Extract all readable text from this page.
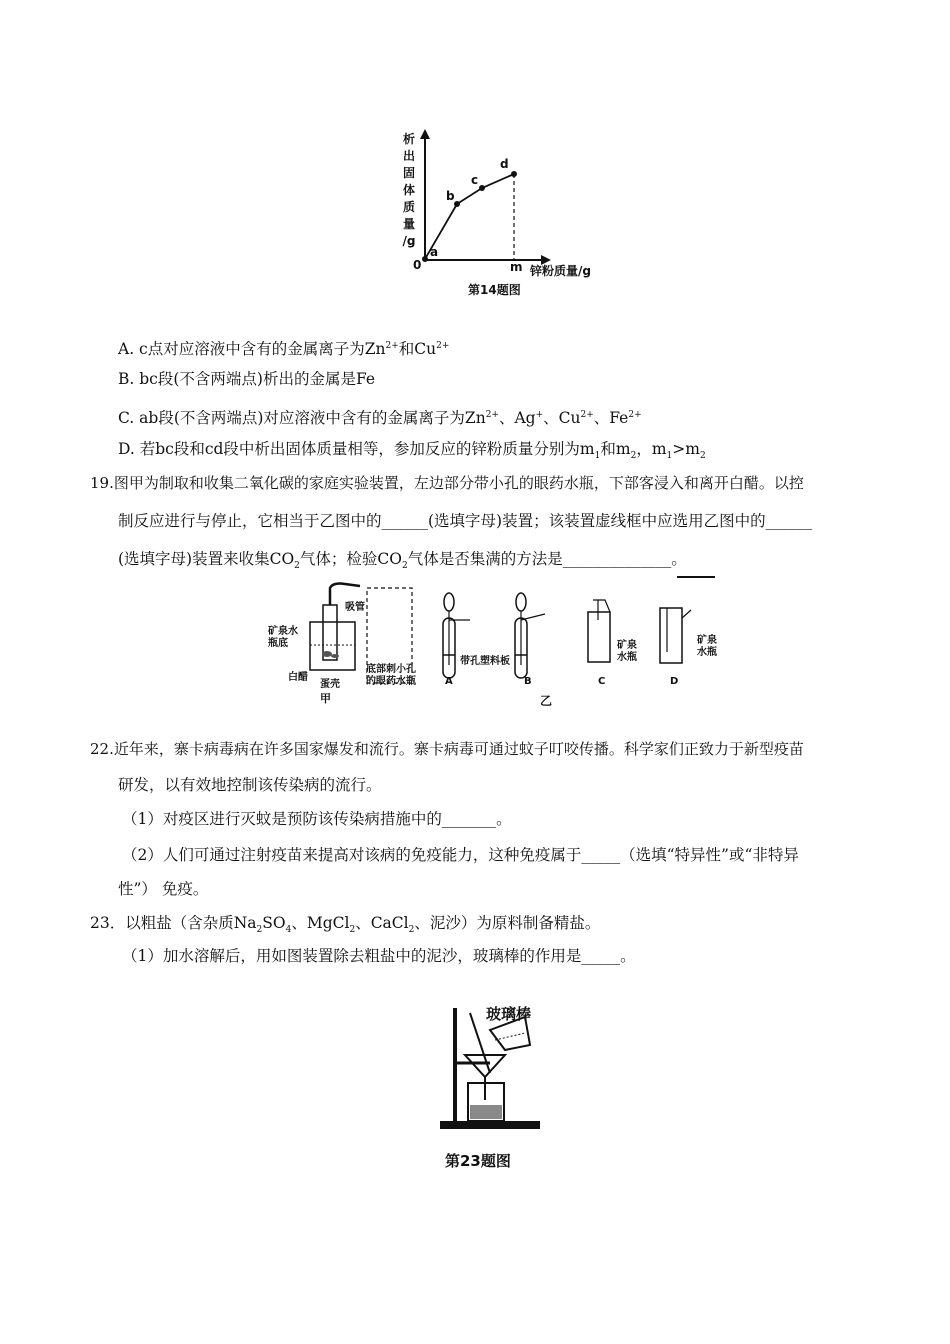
析
出
固
体
质
量
/g
0
a
b
c
d
m 锌粉质量/g
第14题图
A. c点对应溶液中含有的金属离子为$Zn^{2+}$和$Cu^{2+}$
B. bc段(不含两端点)析出的金属是Fe
C. ab段(不含两端点)对应溶液中含有的金属离子为$Zn^{2+}$、Ag+、$Cu^{2+}$、$Fe^{2+}$
D. 若bc段和cd段中析出固体质量相等，参加反应的锌粉质量分别为$m_1$和$m_2$，$m_1>m_2$
19.图甲为制取和收集二氧化碳的家庭实验装置，左边部分带小孔的眼药水瓶，下部客浸入和离开白醋。以控
制反应进行与停止，它相当于乙图中的______(选填字母)装置；该装置虚线框中应选用乙图中的______
(选填字母)装置来收集$CO_2$气体；检验$CO_2$气体是否集满的方法是______________。
吸管
矿泉水瓶底
白醋
蛋壳
底部刺小孔的眼药水瓶
甲
带孔塑料板
A	B
矿泉水瓶
C
矿泉水瓶
D
乙
22.近年来，寨卡病毒病在许多国家爆发和流行。寨卡病毒可通过蚊子叮咬传播。科学家们正致力于新型疫苗
研发，以有效地控制该传染病的流行。
（1）对疫区进行灭蚊是预防该传染病措施中的_______。
（2）人们可通过注射疫苗来提高对该病的免疫能力，这种免疫属于_____（选填“特异性”或“非特异
性”） 免疫。
23．以粗盐（含杂质$Na_2SO_4$、MgCl$_2$、CaCl$_2$、泥沙）为原料制备精盐。
（1）加水溶解后，用如图装置除去粗盐中的泥沙，玻璃棒的作用是_____。
玻璃棒
第23题图
